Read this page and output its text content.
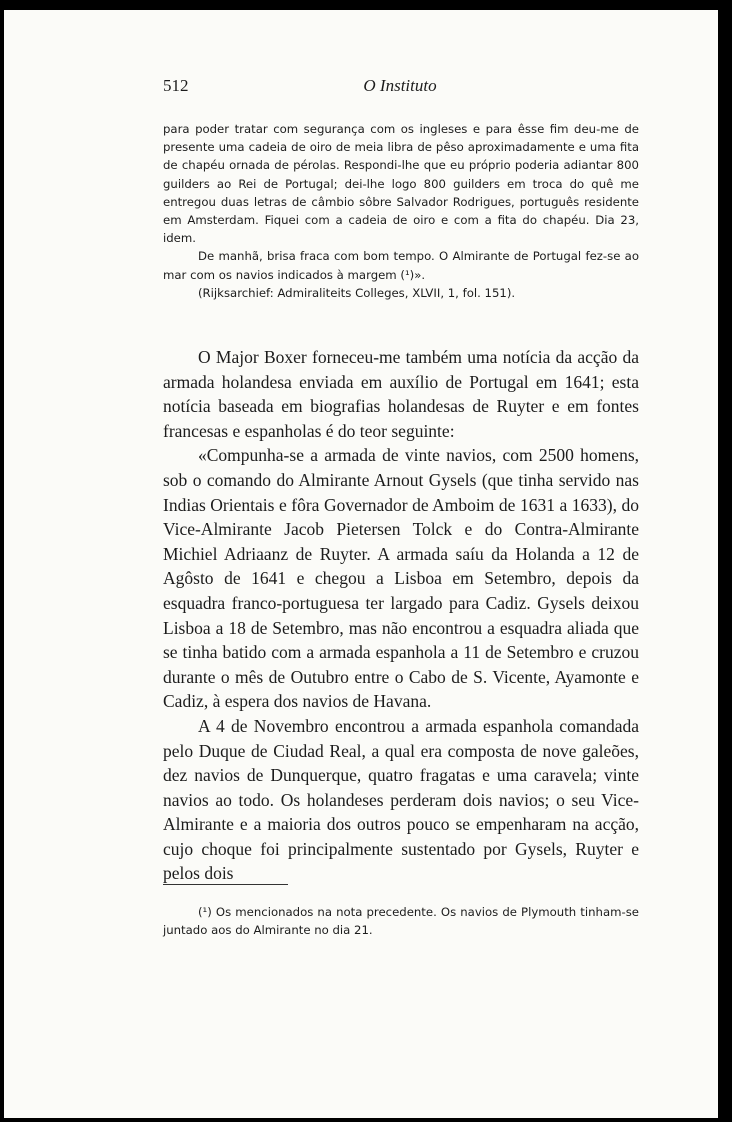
O Instituto
512

para poder tratar com segurança com os ingleses e para êsse fim deu-me de presente uma cadeia de oiro de meia libra de pêso aproximadamente e uma fita de chapéu ornada de pérolas. Respondi-lhe que eu próprio poderia adiantar 800 guilders ao Rei de Portugal; dei-lhe logo 800 guilders em troca do quê me entregou duas letras de câmbio sôbre Salvador Rodrigues, português residente em Amsterdam. Fiquei com a cadeia de oiro e com a fita do chapéu. Dia 23, idem.

De manhã, brisa fraca com bom tempo. O Almirante de Portugal fez-se ao mar com os navios indicados à margem (¹)».

(Rijksarchief: Admiraliteits Colleges, XLVII, 1, fol. 151).

O Major Boxer forneceu-me também uma notícia da acção da armada holandesa enviada em auxílio de Portugal em 1641; esta notícia baseada em biografias holandesas de Ruyter e em fontes francesas e espanholas é do teor seguinte:

«Compunha-se a armada de vinte navios, com 2500 homens, sob o comando do Almirante Arnout Gysels (que tinha servido nas Indias Orientais e fôra Governador de Amboim de 1631 a 1633), do Vice-Almirante Jacob Pietersen Tolck e do Contra-Almirante Michiel Adriaanz de Ruyter. A armada saíu da Holanda a 12 de Agôsto de 1641 e chegou a Lisboa em Setembro, depois da esquadra franco-portuguesa ter largado para Cadiz. Gysels deixou Lisboa a 18 de Setembro, mas não encontrou a esquadra aliada que se tinha batido com a armada espanhola a 11 de Setembro e cruzou durante o mês de Outubro entre o Cabo de S. Vicente, Ayamonte e Cadiz, à espera dos navios de Havana.

A 4 de Novembro encontrou a armada espanhola comandada pelo Duque de Ciudad Real, a qual era composta de nove galeões, dez navios de Dunquerque, quatro fragatas e uma caravela; vinte navios ao todo. Os holandeses perderam dois navios; o seu Vice-Almirante e a maioria dos outros pouco se empenharam na acção, cujo choque foi principalmente sustentado por Gysels, Ruyter e pelos dois

(¹) Os mencionados na nota precedente. Os navios de Plymouth tinham-se juntado aos do Almirante no dia 21.
